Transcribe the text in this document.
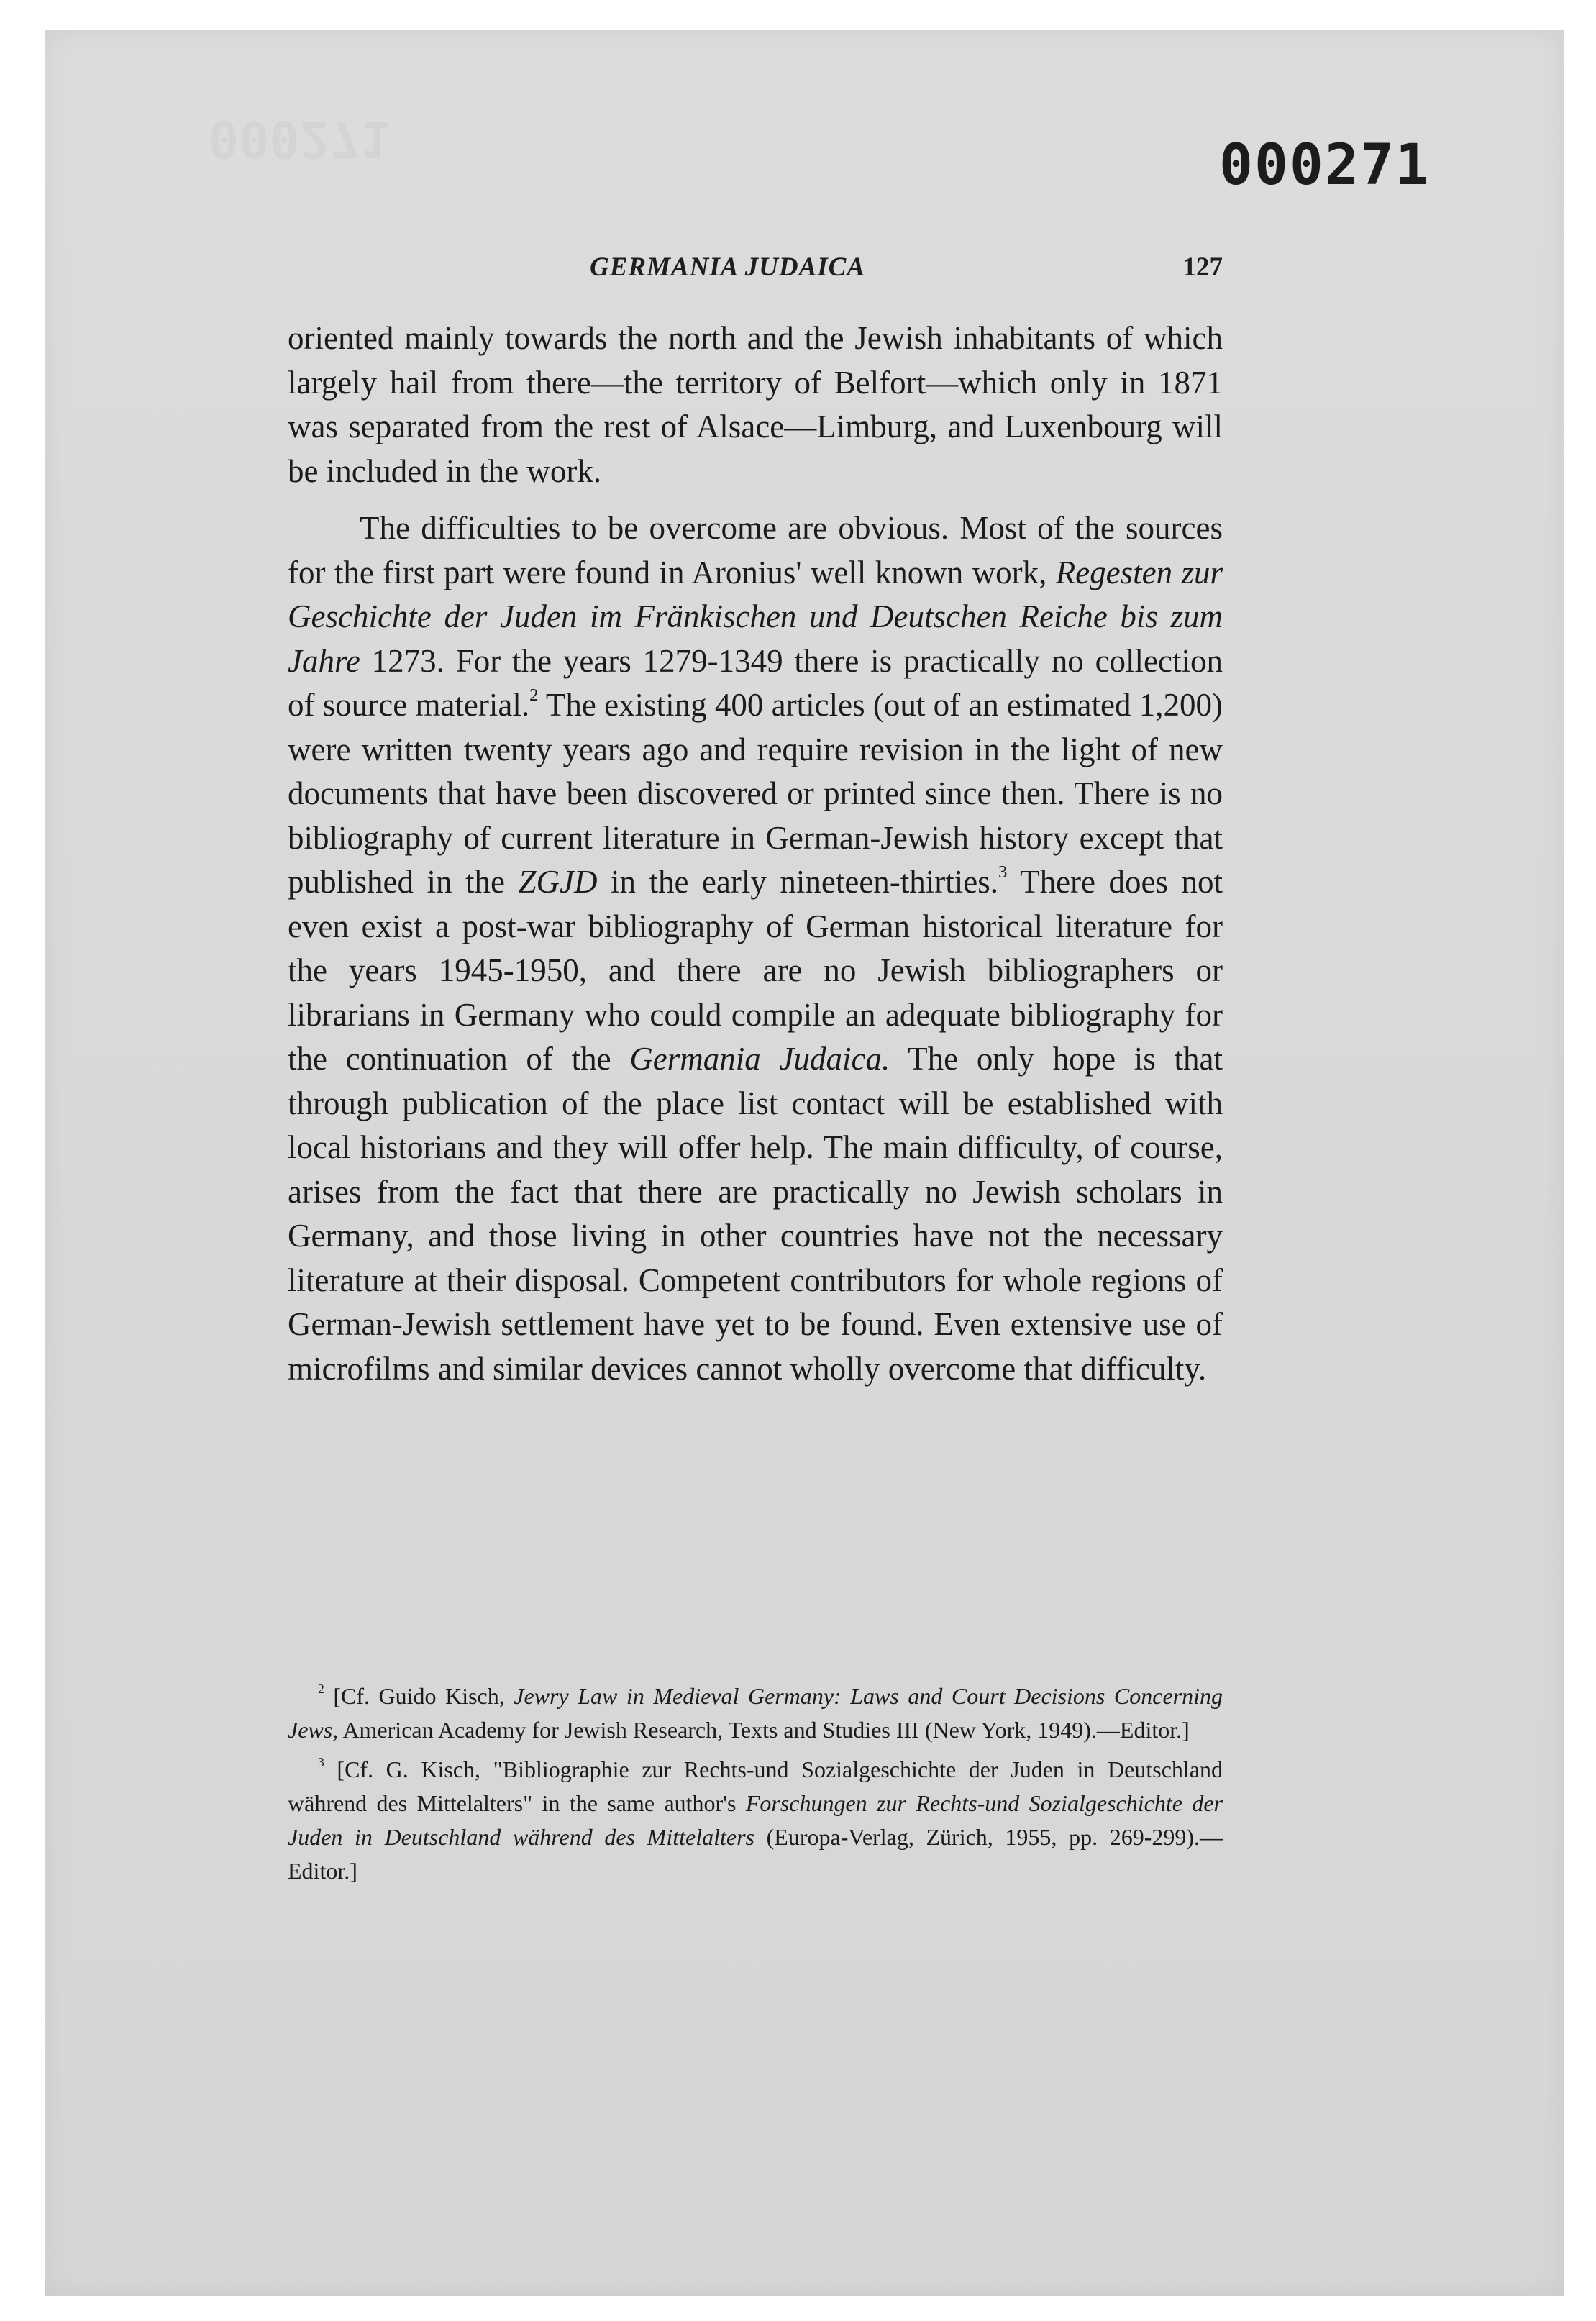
000271	000271
GERMANIA JUDAICA	127

oriented mainly towards the north and the Jewish inhabitants of which largely hail from there—the territory of Belfort—which only in 1871 was separated from the rest of Alsace—Limburg, and Luxenbourg will be included in the work.

The difficulties to be overcome are obvious. Most of the sources for the first part were found in Aronius' well known work, Regesten zur Geschichte der Juden im Fränkischen und Deutschen Reiche bis zum Jahre 1273. For the years 1279-1349 there is practically no collection of source material.$^2$ The existing 400 articles (out of an estimated 1,200) were written twenty years ago and require revision in the light of new documents that have been discovered or printed since then. There is no bibliography of current literature in German-Jewish history except that published in the ZGJD in the early nineteen-thirties.$^3$ There does not even exist a post-war bibliography of German historical literature for the years 1945-1950, and there are no Jewish bibliographers or librarians in Germany who could compile an adequate bibliography for the continuation of the Germania Judaica. The only hope is that through publication of the place list contact will be established with local historians and they will offer help. The main difficulty, of course, arises from the fact that there are practically no Jewish scholars in Germany, and those living in other countries have not the necessary literature at their disposal. Competent contributors for whole regions of German-Jewish settlement have yet to be found. Even extensive use of microfilms and similar devices cannot wholly overcome that difficulty.

$^2$ [Cf. Guido Kisch, Jewry Law in Medieval Germany: Laws and Court Decisions Concerning Jews, American Academy for Jewish Research, Texts and Studies III (New York, 1949).—Editor.]

$^3$ [Cf. G. Kisch, "Bibliographie zur Rechts-und Sozialgeschichte der Juden in Deutschland während des Mittelalters" in the same author's Forschungen zur Rechts-und Sozialgeschichte der Juden in Deutschland während des Mittelalters (Europa-Verlag, Zürich, 1955, pp. 269-299).—Editor.]
